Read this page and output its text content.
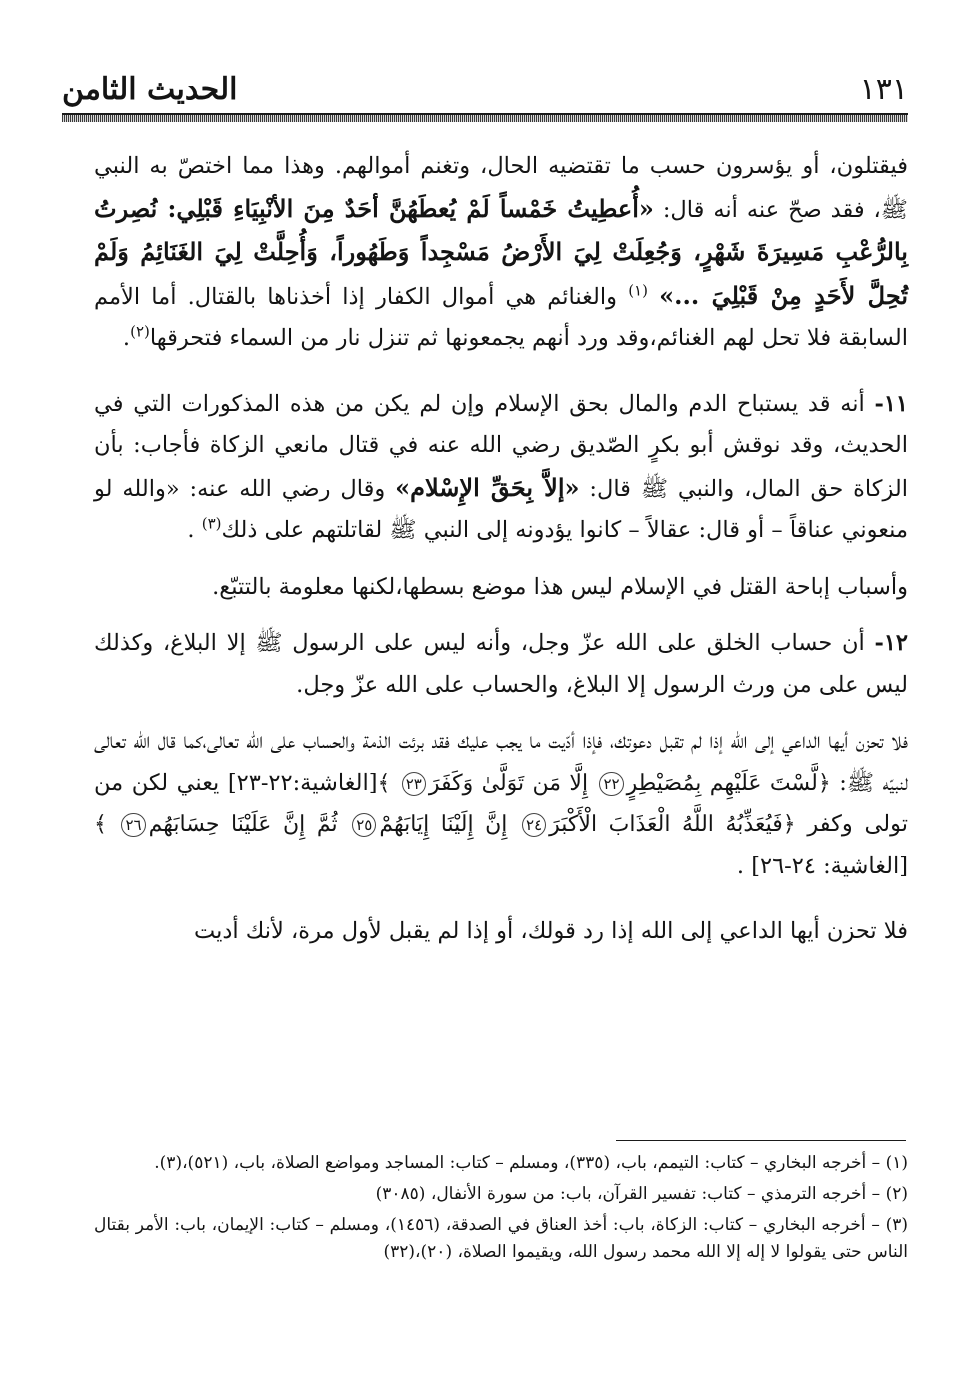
١٣١
الحديث الثامن

فيقتلون، أو يؤسرون حسب ما تقتضيه الحال، وتغنم أموالهم. وهذا مما اختصّ به النبي ﷺ، فقد صحّ عنه أنه قال: «أُعطِيتُ خَمْساً لَمْ يُعطَهُنَّ أحَدٌ مِنَ الأنْبِيَاءِ قَبْلِي: نُصِرتُ بِالرُّعْبِ مَسِيرَةَ شَهْرٍ، وَجُعِلَتْ لِيَ الأَرْضُ مَسْجِداً وَطَهُوراً، وَأُحِلَّتْ لِيَ الغَنَائِمُ وَلَمْ تُحِلَّ لأَحَدٍ مِنْ قَبْلِيَ ...» $^{(١)}$ والغنائم هي أموال الكفار إذا أخذناها بالقتال. أما الأمم السابقة فلا تحل لهم الغنائم،وقد ورد أنهم يجمعونها ثم تنزل نار من السماء فتحرقها$^{(٢)}$.

١١- أنه قد يستباح الدم والمال بحق الإسلام وإن لم يكن من هذه المذكورات التي في الحديث، وقد نوقش أبو بكرٍ الصّديق رضي الله عنه في قتال مانعي الزكاة فأجاب: بأن الزكاة حق المال، والنبي ﷺ قال: «إلاَّ بِحَقِّ الإِسْلام» وقال رضي الله عنه: «والله لو منعوني عناقاً – أو قال: عقالاً – كانوا يؤدونه إلى النبي ﷺ لقاتلتهم على ذلك$^{(٣)}$ .

وأسباب إباحة القتل في الإسلام ليس هذا موضع بسطها،لكنها معلومة بالتتبّع.

١٢- أن حساب الخلق على الله عزّ وجل، وأنه ليس على الرسول ﷺ إلا البلاغ، وكذلك ليس على من ورث الرسول إلا البلاغ، والحساب على الله عزّ وجل.

فلا تحزن أيها الداعي إلى الله إذا لم تقبل دعوتك، فإذا أدّيت ما يجب عليك فقد برئت الذمة والحساب على الله تعالى،كما قال الله تعالى لنبيّه ﷺ: ﴿لَّسْتَ عَلَيْهِم بِمُصَيْطِرٍ٢٢ إِلَّا مَن تَوَلَّىٰ وَكَفَرَ٢٣ ﴾[الغاشية:٢٢-٢٣] يعني لكن من تولى وكفر ﴿فَيُعَذِّبُهُ اللَّهُ الْعَذَابَ الْأَكْبَرَ٢٤ إِنَّ إِلَيْنَا إِيَابَهُمْ٢٥ ثُمَّ إِنَّ عَلَيْنَا حِسَابَهُم٢٦ ﴾[الغاشية: ٢٤-٢٦] .

فلا تحزن أيها الداعي إلى الله إذا رد قولك، أو إذا لم يقبل لأول مرة، لأنك أديت

(١) – أخرجه البخاري – كتاب: التيمم، باب، (٣٣٥)، ومسلم – كتاب: المساجد ومواضع الصلاة، باب، (٥٢١)،(٣).

(٢) – أخرجه الترمذي – كتاب: تفسير القرآن، باب: من سورة الأنفال، (٣٠٨٥)

(٣) – أخرجه البخاري – كتاب: الزكاة، باب: أخذ العناق في الصدقة، (١٤٥٦)، ومسلم – كتاب: الإيمان، باب: الأمر بقتال الناس حتى يقولوا لا إله إلا الله محمد رسول الله، ويقيموا الصلاة، (٢٠)،(٣٢)
